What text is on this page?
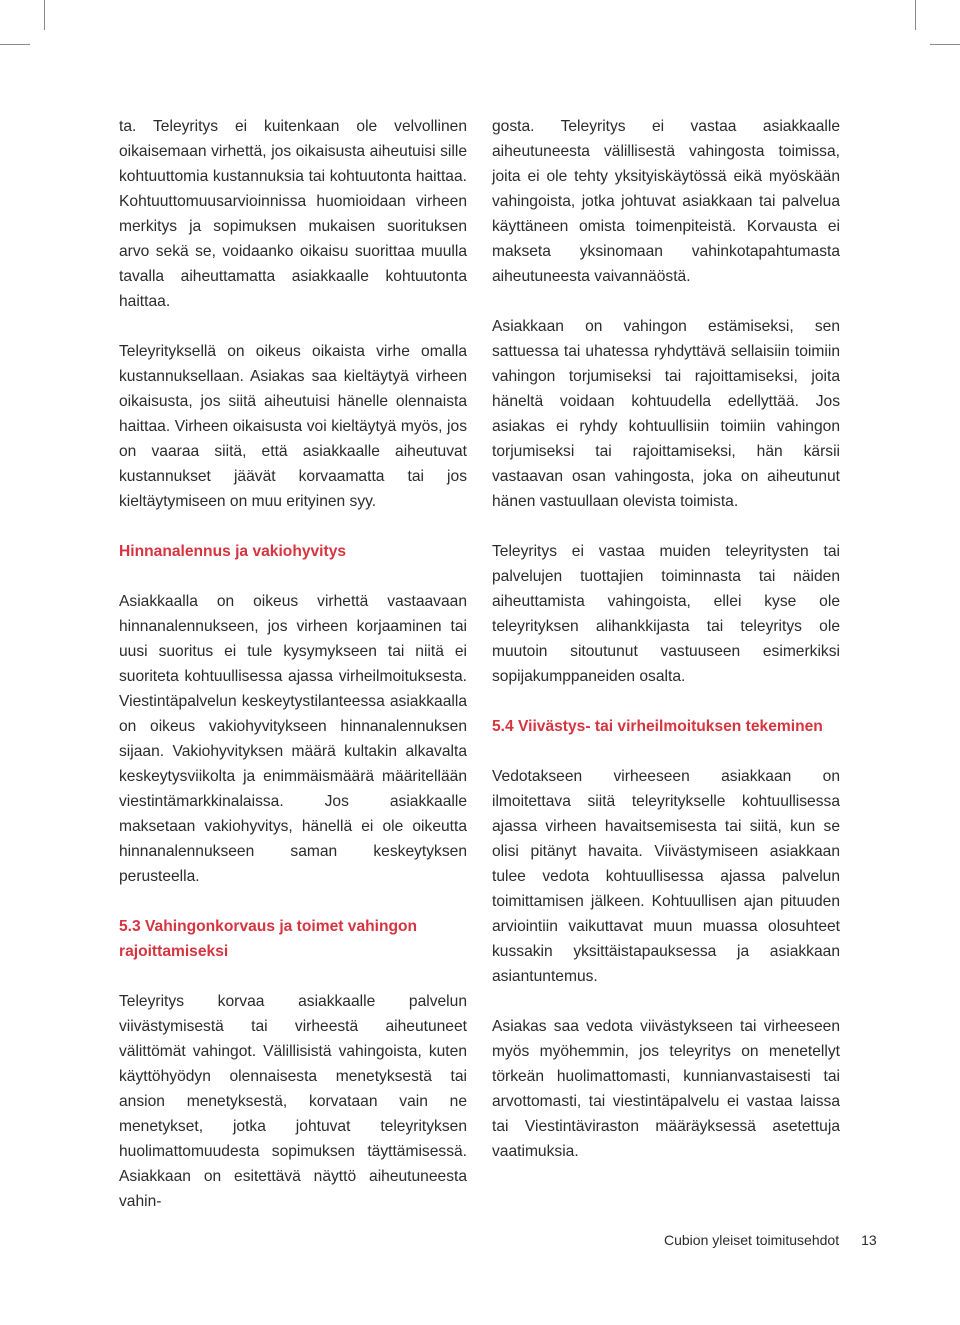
ta. Teleyritys ei kuitenkaan ole velvollinen oikaisemaan virhettä, jos oikaisusta aiheutuisi sille kohtuuttomia kustannuksia tai kohtuutonta haittaa. Kohtuuttomuusarvioinnissa huomioidaan virheen merkitys ja sopimuksen mukaisen suorituksen arvo sekä se, voidaanko oikaisu suorittaa muulla tavalla aiheuttamatta asiakkaalle kohtuutonta haittaa.

Teleyrityksellä on oikeus oikaista virhe omalla kustannuksellaan. Asiakas saa kieltäytyä virheen oikaisusta, jos siitä aiheutuisi hänelle olennaista haittaa. Virheen oikaisusta voi kieltäytyä myös, jos on vaaraa siitä, että asiakkaalle aiheutuvat kustannukset jäävät korvaamatta tai jos kieltäytymiseen on muu erityinen syy.

Hinnanalennus ja vakiohyvitys

Asiakkaalla on oikeus virhettä vastaavaan hinnanalennukseen, jos virheen korjaaminen tai uusi suoritus ei tule kysymykseen tai niitä ei suoriteta kohtuullisessa ajassa virheilmoituksesta. Viestintäpalvelun keskeytystilanteessa asiakkaalla on oikeus vakiohyvitykseen hinnanalennuksen sijaan. Vakiohyvityksen määrä kultakin alkavalta keskeytysviikolta ja enimmäismäärä määritellään viestintämarkkinalaissa. Jos asiakkaalle maksetaan vakiohyvitys, hänellä ei ole oikeutta hinnanalennukseen saman keskeytyksen perusteella.

5.3 Vahingonkorvaus ja toimet vahingon rajoittamiseksi

Teleyritys korvaa asiakkaalle palvelun viivästymisestä tai virheestä aiheutuneet välittömät vahingot. Välillisistä vahingoista, kuten käyttöhyödyn olennaisesta menetyksestä tai ansion menetyksestä, korvataan vain ne menetykset, jotka johtuvat teleyrityksen huolimattomuudesta sopimuksen täyttämisessä. Asiakkaan on esitettävä näyttö aiheutuneesta vahin-

gosta. Teleyritys ei vastaa asiakkaalle aiheutuneesta välillisestä vahingosta toimissa, joita ei ole tehty yksityiskäytössä eikä myöskään vahingoista, jotka johtuvat asiakkaan tai palvelua käyttäneen omista toimenpiteistä. Korvausta ei makseta yksinomaan vahinkotapahtumasta aiheutuneesta vaivannäöstä.

Asiakkaan on vahingon estämiseksi, sen sattuessa tai uhatessa ryhdyttävä sellaisiin toimiin vahingon torjumiseksi tai rajoittamiseksi, joita häneltä voidaan kohtuudella edellyttää. Jos asiakas ei ryhdy kohtuullisiin toimiin vahingon torjumiseksi tai rajoittamiseksi, hän kärsii vastaavan osan vahingosta, joka on aiheutunut hänen vastuullaan olevista toimista.

Teleyritys ei vastaa muiden teleyritysten tai palvelujen tuottajien toiminnasta tai näiden aiheuttamista vahingoista, ellei kyse ole teleyrityksen alihankkijasta tai teleyritys ole muutoin sitoutunut vastuuseen esimerkiksi sopijakumppaneiden osalta.

5.4 Viivästys- tai virheilmoituksen tekeminen

Vedotakseen virheeseen asiakkaan on ilmoitettava siitä teleyritykselle kohtuullisessa ajassa virheen havaitsemisesta tai siitä, kun se olisi pitänyt havaita. Viivästymiseen asiakkaan tulee vedota kohtuullisessa ajassa palvelun toimittamisen jälkeen. Kohtuullisen ajan pituuden arviointiin vaikuttavat muun muassa olosuhteet kussakin yksittäistapauksessa ja asiakkaan asiantuntemus.

Asiakas saa vedota viivästykseen tai virheeseen myös myöhemmin, jos teleyritys on menetellyt törkeän huolimattomasti, kunnianvastaisesti tai arvottomasti, tai viestintäpalvelu ei vastaa laissa tai Viestintäviraston määräyksessä asetettuja vaatimuksia.

Cubion yleiset toimitusehdot 13
